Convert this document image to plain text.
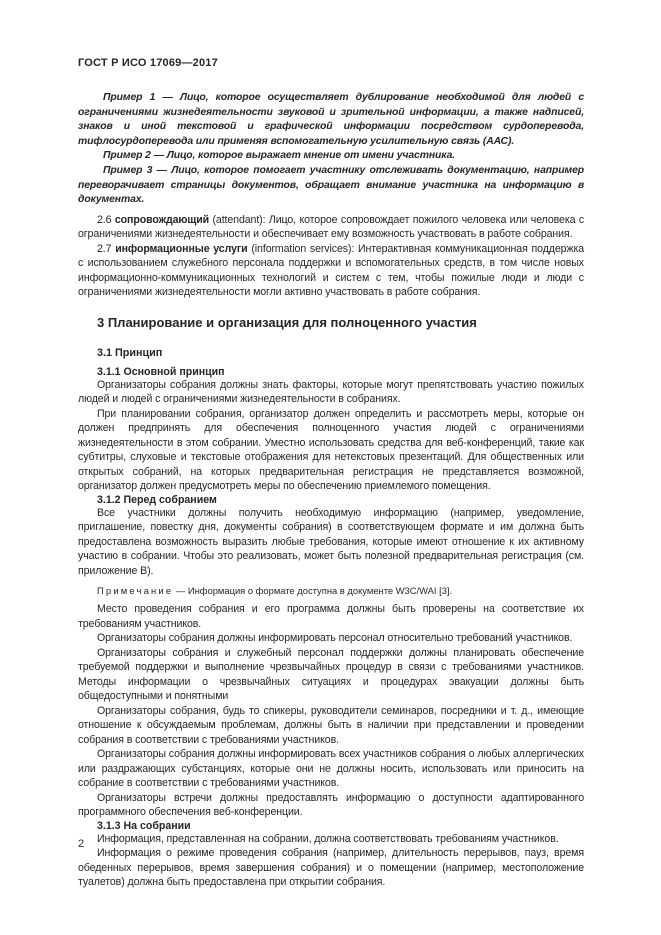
ГОСТ Р ИСО 17069—2017

Пример 1 — Лицо, которое осуществляет дублирование необходимой для людей с ограничениями жизнедеятельности звуковой и зрительной информации, а также надписей, знаков и иной текстовой и графической информации посредством сурдоперевода, тифлосурдоперевода или применяя вспомогательную усилительную связь (ААС).

Пример 2 — Лицо, которое выражает мнение от имени участника.

Пример 3 — Лицо, которое помогает участнику отслеживать документацию, например переворачивает страницы документов, обращает внимание участника на информацию в документах.

2.6 сопровождающий (attendant): Лицо, которое сопровождает пожилого человека или человека с ограничениями жизнедеятельности и обеспечивает ему возможность участвовать в работе собрания.

2.7 информационные услуги (information services): Интерактивная коммуникационная поддержка с использованием служебного персонала поддержки и вспомогательных средств, в том числе новых информационно-коммуникационных технологий и систем с тем, чтобы пожилые люди и люди с ограничениями жизнедеятельности могли активно участвовать в работе собрания.

3 Планирование и организация для полноценного участия
3.1 Принцип
3.1.1 Основной принцип

Организаторы собрания должны знать факторы, которые могут препятствовать участию пожилых людей и людей с ограничениями жизнедеятельности в собраниях.

При планировании собрания, организатор должен определить и рассмотреть меры, которые он должен предпринять для обеспечения полноценного участия людей с ограничениями жизнедеятельности в этом собрании. Уместно использовать средства для веб-конференций, такие как субтитры, слуховые и текстовые отображения для нетекстовых презентаций. Для общественных или открытых собраний, на которых предварительная регистрация не представляется возможной, организатор должен предусмотреть меры по обеспечению приемлемого помещения.

3.1.2 Перед собранием

Все участники должны получить необходимую информацию (например, уведомление, приглашение, повестку дня, документы собрания) в соответствующем формате и им должна быть предоставлена возможность выразить любые требования, которые имеют отношение к их активному участию в собрании. Чтобы это реализовать, может быть полезной предварительная регистрация (см. приложение В).

Примечание — Информация о формате доступна в документе W3C/WAI [3].

Место проведения собрания и его программа должны быть проверены на соответствие их требованиям участников.

Организаторы собрания должны информировать персонал относительно требований участников.

Организаторы собрания и служебный персонал поддержки должны планировать обеспечение требуемой поддержки и выполнение чрезвычайных процедур в связи с требованиями участников. Методы информации о чрезвычайных ситуациях и процедурах эвакуации должны быть общедоступными и понятными

Организаторы собрания, будь то спикеры, руководители семинаров, посредники и т. д., имеющие отношение к обсуждаемым проблемам, должны быть в наличии при представлении и проведении собрания в соответствии с требованиями участников.

Организаторы собрания должны информировать всех участников собрания о любых аллергических или раздражающих субстанциях, которые они не должны носить, использовать или приносить на собрание в соответствии с требованиями участников.

Организаторы встречи должны предоставлять информацию о доступности адаптированного программного обеспечения веб-конференции.

3.1.3 На собрании

Информация, представленная на собрании, должна соответствовать требованиям участников.

Информация о режиме проведения собрания (например, длительность перерывов, пауз, время обеденных перерывов, время завершения собрания) и о помещении (например, местоположение туалетов) должна быть предоставлена при открытии собрания.

2
